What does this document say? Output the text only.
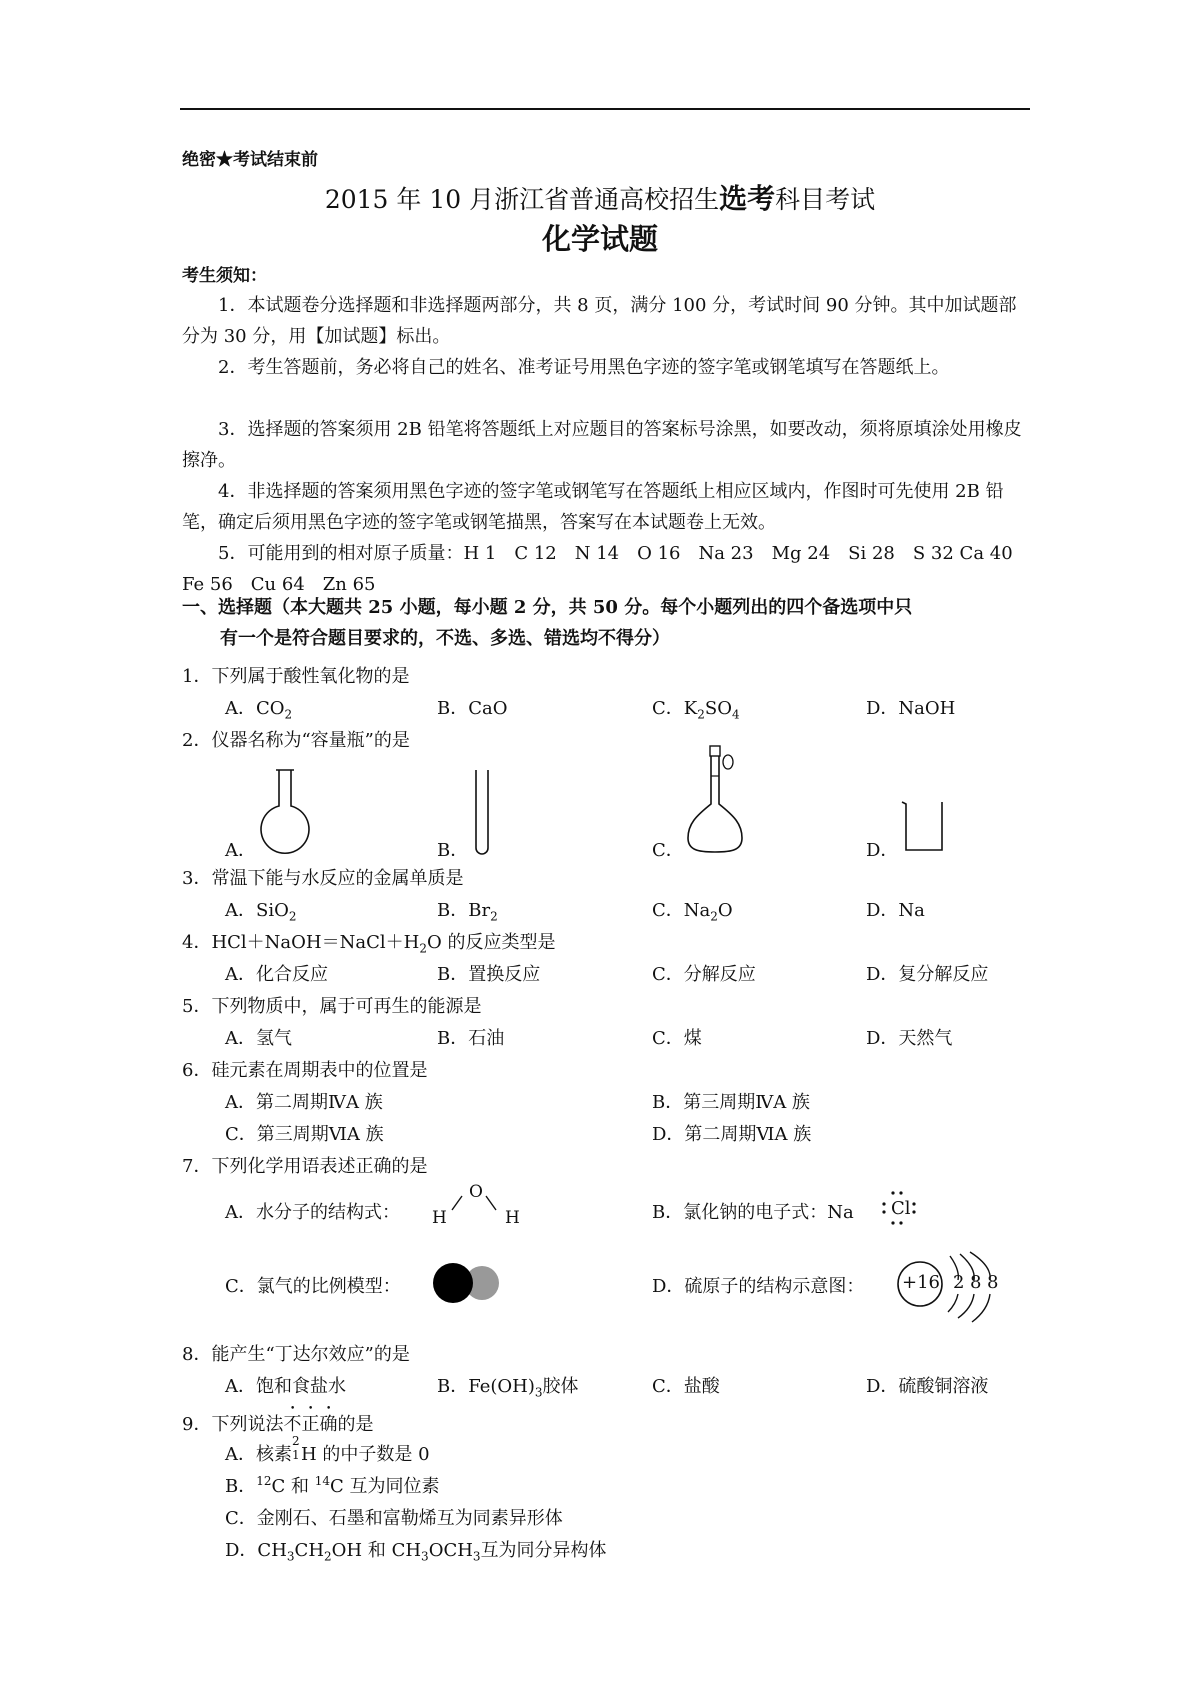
绝密★考试结束前
2015 年 10 月浙江省普通高校招生选考科目考试
化学试题
考生须知：
1．本试题卷分选择题和非选择题两部分，共 8 页，满分 100 分，考试时间 90 分钟。其中加试题部分为 30 分，用【加试题】标出。
2．考生答题前，务必将自己的姓名、准考证号用黑色字迹的签字笔或钢笔填写在答题纸上。
3．选择题的答案须用 2B 铅笔将答题纸上对应题目的答案标号涂黑，如要改动，须将原填涂处用橡皮擦净。
4．非选择题的答案须用黑色字迹的签字笔或钢笔写在答题纸上相应区域内，作图时可先使用 2B 铅笔，确定后须用黑色字迹的签字笔或钢笔描黑，答案写在本试题卷上无效。
5．可能用到的相对原子质量：H 1　C 12　N 14　O 16　Na 23　Mg 24　Si 28　S 32 Ca 40　Fe 56　Cu 64　Zn 65
一、选择题（本大题共 25 小题，每小题 2 分，共 50 分。每个小题列出的四个备选项中只
有一个是符合题目要求的，不选、多选、错选均不得分）
1．下列属于酸性氧化物的是
A．$CO_2$	B．CaO	C．$K_2SO_4$	D．NaOH
2．仪器名称为“容量瓶”的是
A．	B．	C．	D．
3．常温下能与水反应的金属单质是
A．SiO$_2$	B．$Br_2$	C．$Na_2O$	D．Na
4．$HCl+NaOH=NaCl+H_2O$ 的反应类型是
A．化合反应	B．置换反应	C．分解反应	D．复分解反应
5．下列物质中，属于可再生的能源是
A．氢气	B．石油	C．煤	D．天然气
6．硅元素在周期表中的位置是
A．第二周期ⅣA 族	B．第三周期ⅣA 族
C．第三周期ⅥA 族	D．第二周期ⅥA 族
7．下列化学用语表述正确的是
A．水分子的结构式： H
O
H	B．氯化钠的电子式：Na Cl
C．氯气的比例模型：	D．硫原子的结构示意图： +16 2 8 8
8．能产生“丁达尔效应”的是
A．饱和食盐水	B．$Fe(OH)_3$胶体	C．盐酸	D．硫酸铜溶液
9．下列说法不正确的是
A．核素
2
1 H 的中子数是 0
B．$^{12}$C 和 $^{14}$C 互为同位素
C．金刚石、石墨和富勒烯互为同素异形体
D．$CH_3CH_2OH$ 和 $CH_3OCH_3$互为同分异构体
